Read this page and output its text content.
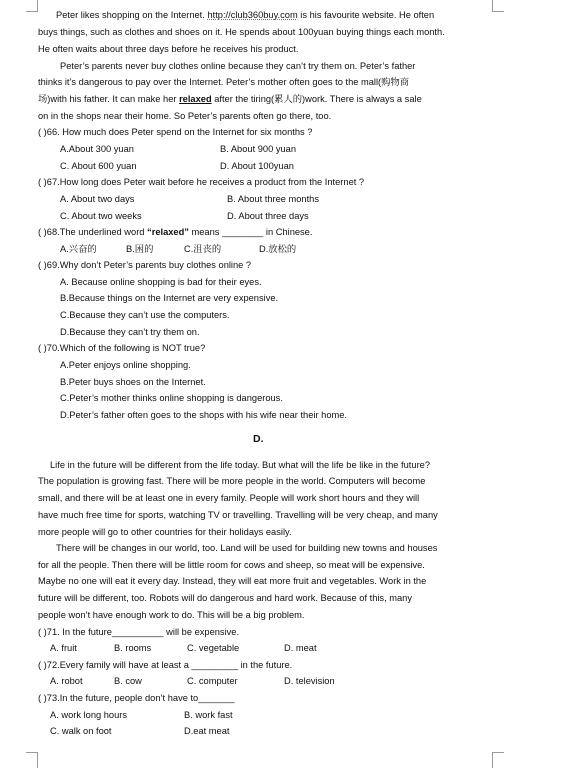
Peter likes shopping on the Internet. http://club360buy.com is his favourite website. He often
buys things, such as clothes and shoes on it. He spends about 100yuan buying things each month.
He often waits about three days before he receives his product.
Peter’s parents never buy clothes online because they can’t try them on. Peter’s father
thinks it’s dangerous to pay over the Internet. Peter’s mother often goes to the mall(购物商
场)with his father. It can make her relaxed after the tiring(累人的)work. There is always a sale
on in the shops near their home. So Peter’s parents often go there, too.
( )66. How much does Peter spend on the Internet for six months ?
A.About 300 yuan	B. About 900 yuan
C. About 600 yuan	D. About 100yuan
( )67.How long does Peter wait before he receives a product from the Internet ?
A. About two days	B. About three months
C. About two weeks	D. About three days
( )68.The underlined word “relaxed” means ________ in Chinese.
A.兴奋的	B.困的	C.沮丧的	D.放松的
( )69.Why don’t Peter’s parents buy clothes online ?
A. Because online shopping is bad for their eyes.
B.Because things on the Internet are very expensive.
C.Because they can’t use the computers.
D.Because they can’t try them on.
( )70.Which of the following is NOT true?
A.Peter enjoys online shopping.
B.Peter buys shoes on the Internet.
C.Peter’s mother thinks online shopping is dangerous.
D.Peter’s father often goes to the shops with his wife near their home.
D.
Life in the future will be different from the life today. But what will the life be like in the future?
The population is growing fast. There will be more people in the world. Computers will become
small, and there will be at least one in every family. People will work short hours and they will
have much free time for sports, watching TV or travelling. Travelling will be very cheap, and many
more people will go to other countries for their holidays easily.
There will be changes in our world, too. Land will be used for building new towns and houses
for all the people. Then there will be little room for cows and sheep, so meat will be expensive.
Maybe no one will eat it every day. Instead, they will eat more fruit and vegetables. Work in the
future will be different, too. Robots will do dangerous and hard work. Because of this, many
people won’t have enough work to do. This will be a big problem.
( )71. In the future__________ will be expensive.
A. fruit	B. rooms	C. vegetable	D. meat
( )72.Every family will have at least a _________ in the future.
A. robot	B. cow	C. computer	D. television
( )73.In the future, people don’t have to_______
A. work long hours	B. work fast
C. walk on foot	D.eat meat
